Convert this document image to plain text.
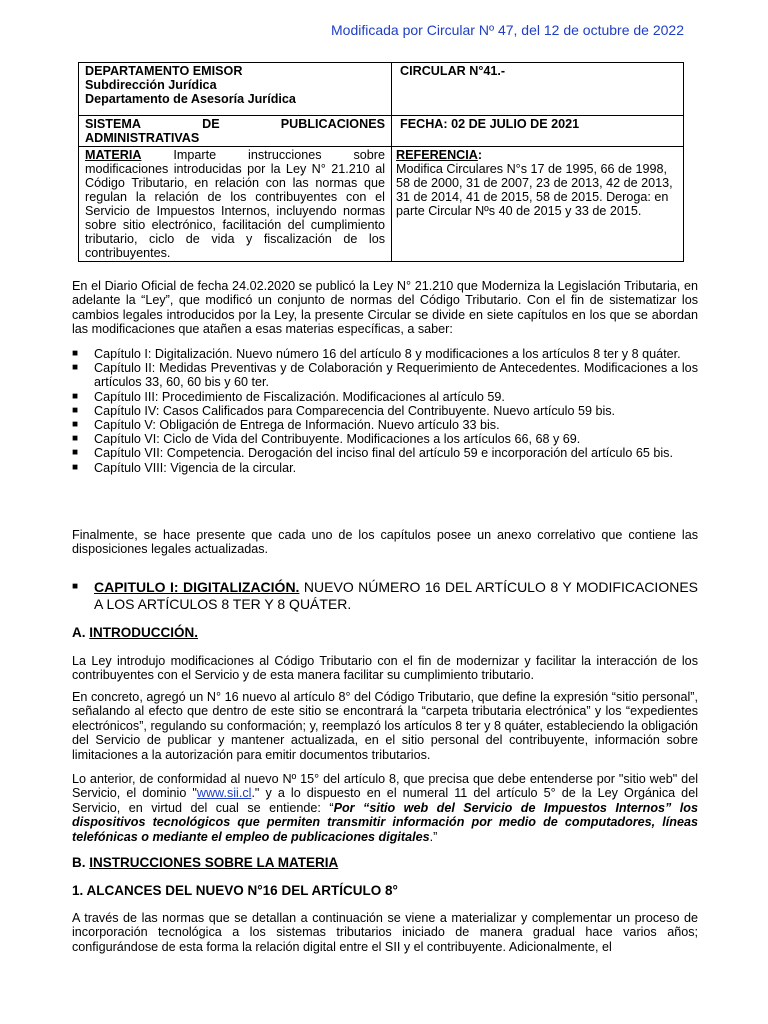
Modificada por Circular Nº 47, del 12 de octubre de 2022
DEPARTAMENTO EMISOR
Subdirección Jurídica
Departamento de Asesoría Jurídica	CIRCULAR N°41.-

SISTEMA DE PUBLICACIONES
ADMINISTRATIVAS	FECHA: 02 DE JULIO DE 2021
MATERIA Imparte instrucciones sobre modificaciones introducidas por la Ley N° 21.210 al Código Tributario, en relación con las normas que regulan la relación de los contribuyentes con el Servicio de Impuestos Internos, incluyendo normas sobre sitio electrónico, facilitación del cumplimiento tributario, ciclo de vida y fiscalización de los contribuyentes.	REFERENCIA:
Modifica Circulares N°s 17 de 1995, 66 de 1998, 58 de 2000, 31 de 2007, 23 de 2013, 42 de 2013, 31 de 2014, 41 de 2015, 58 de 2015. Deroga: en parte Circular Nºs 40 de 2015 y 33 de 2015.
En el Diario Oficial de fecha 24.02.2020 se publicó la Ley N° 21.210 que Moderniza la Legislación Tributaria, en adelante la “Ley”, que modificó un conjunto de normas del Código Tributario. Con el fin de sistematizar los cambios legales introducidos por la Ley, la presente Circular se divide en siete capítulos en los que se abordan las modificaciones que atañen a esas materias específicas, a saber:
■ Capítulo I: Digitalización. Nuevo número 16 del artículo 8 y modificaciones a los artículos 8 ter y 8 quáter.
■ Capítulo II: Medidas Preventivas y de Colaboración y Requerimiento de Antecedentes. Modificaciones a los artículos 33, 60, 60 bis y 60 ter.
■ Capítulo III: Procedimiento de Fiscalización. Modificaciones al artículo 59.
■ Capítulo IV: Casos Calificados para Comparecencia del Contribuyente. Nuevo artículo 59 bis.
■ Capítulo V: Obligación de Entrega de Información. Nuevo artículo 33 bis.
■ Capítulo VI: Ciclo de Vida del Contribuyente. Modificaciones a los artículos 66, 68 y 69.
■ Capítulo VII: Competencia. Derogación del inciso final del artículo 59 e incorporación del artículo 65 bis.
■ Capítulo VIII: Vigencia de la circular.
Finalmente, se hace presente que cada uno de los capítulos posee un anexo correlativo que contiene las disposiciones legales actualizadas.
■ CAPITULO I: DIGITALIZACIÓN. NUEVO NÚMERO 16 DEL ARTÍCULO 8 Y MODIFICACIONES A LOS ARTÍCULOS 8 TER Y 8 QUÁTER.
A. INTRODUCCIÓN.
La Ley introdujo modificaciones al Código Tributario con el fin de modernizar y facilitar la interacción de los contribuyentes con el Servicio y de esta manera facilitar su cumplimiento tributario.
En concreto, agregó un N° 16 nuevo al artículo 8° del Código Tributario, que define la expresión “sitio personal”, señalando al efecto que dentro de este sitio se encontrará la “carpeta tributaria electrónica” y los “expedientes electrónicos”, regulando su conformación; y, reemplazó los artículos 8 ter y 8 quáter, estableciendo la obligación del Servicio de publicar y mantener actualizada, en el sitio personal del contribuyente, información sobre limitaciones a la autorización para emitir documentos tributarios.
Lo anterior, de conformidad al nuevo Nº 15° del artículo 8, que precisa que debe entenderse por "sitio web" del Servicio, el dominio "www.sii.cl." y a lo dispuesto en el numeral 11 del artículo 5° de la Ley Orgánica del Servicio, en virtud del cual se entiende: “Por “sitio web del Servicio de Impuestos Internos” los dispositivos tecnológicos que permiten transmitir información por medio de computadores, líneas telefónicas o mediante el empleo de publicaciones digitales.”
B. INSTRUCCIONES SOBRE LA MATERIA
1. ALCANCES DEL NUEVO N°16 DEL ARTÍCULO 8°
A través de las normas que se detallan a continuación se viene a materializar y complementar un proceso de incorporación tecnológica a los sistemas tributarios iniciado de manera gradual hace varios años; configurándose de esta forma la relación digital entre el SII y el contribuyente. Adicionalmente, el
